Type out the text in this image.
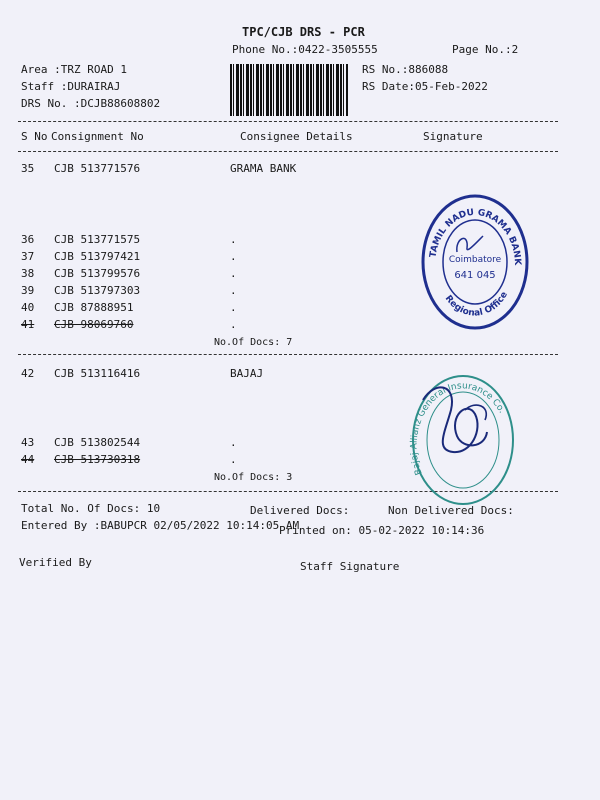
TPC/CJB DRS - PCR
Phone No.:0422-3505555	Page No.:2
Area :TRZ ROAD 1
Staff :DURAIRAJ
DRS No. :DCJB88608802
RS No.:886088
RS Date:05-Feb-2022
S No Consignment No	Consignee Details	Signature
35 CJB 513771576	GRAMA BANK
36 CJB 513771575	.
37 CJB 513797421	.
38 CJB 513799576	.
39 CJB 513797303	.
40 CJB 87888951	.
41 CJB 98069760	.
No.Of Docs: 7
42 CJB 513116416	BAJAJ
43 CJB 513802544	.
44 CJB 513730318	.
No.Of Docs: 3
Total No. Of Docs: 10	Delivered Docs:	Non Delivered Docs:
Entered By :BABUPCR 02/05/2022 10:14:05 AM
Printed on: 05-02-2022 10:14:36
Verified By	Staff Signature
TAMIL NADU GRAMA BANK
Regional Office
Coimbatore
641 045
Bajaj Allianz General Insurance Co.
